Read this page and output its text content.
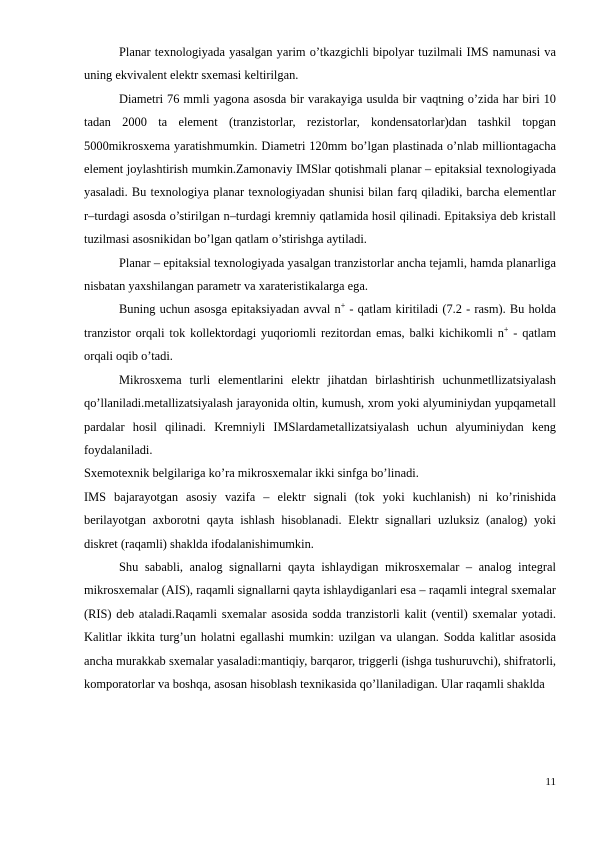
Planar texnologiyada yasalgan yarim o’tkazgichli bipolyar tuzilmali IMS namunasi va uning ekvivalent elektr sxemasi keltirilgan.

Diametri 76 mmli yagona asosda bir varakayiga usulda bir vaqtning o’zida har biri 10 tadan 2000 ta element (tranzistorlar, rezistorlar, kondensatorlar)dan tashkil topgan 5000mikrosxema yaratishmumkin. Diametri 120mm bo’lgan plastinada o’nlab milliontagacha element joylashtirish mumkin.Zamonaviy IMSlar qotishmali planar – epitaksial texnologiyada yasaladi. Bu texnologiya planar texnologiyadan shunisi bilan farq qiladiki, barcha elementlar r–turdagi asosda o’stirilgan n–turdagi kremniy qatlamida hosil qilinadi. Epitaksiya deb kristall tuzilmasi asosnikidan bo’lgan qatlam o’stirishga aytiladi.

Planar – epitaksial texnologiyada yasalgan tranzistorlar ancha tejamli, hamda planarliga nisbatan yaxshilangan parametr va xarateristikalarga ega.

Buning uchun asosga epitaksiyadan avval n+ - qatlam kiritiladi (7.2 - rasm). Bu holda tranzistor orqali tok kollektordagi yuqoriomli rezitordan emas, balki kichikomli n+ - qatlam orqali oqib o’tadi.

Mikrosxema turli elementlarini elektr jihatdan birlashtirish uchunmetllizatsiyalash qo’llaniladi.metallizatsiyalash jarayonida oltin, kumush, xrom yoki alyuminiydan yupqametall pardalar hosil qilinadi. Kremniyli IMSlardametallizatsiyalash uchun alyuminiydan keng foydalaniladi.

Sxemotexnik belgilariga ko’ra mikrosxemalar ikki sinfga bo’linadi.

IMS bajarayotgan asosiy vazifa – elektr signali (tok yoki kuchlanish) ni ko’rinishida berilayotgan axborotni qayta ishlash hisoblanadi. Elektr signallari uzluksiz (analog) yoki diskret (raqamli) shaklda ifodalanishimumkin.

Shu sababli, analog signallarni qayta ishlaydigan mikrosxemalar – analog integral mikrosxemalar (AIS), raqamli signallarni qayta ishlaydiganlari esa – raqamli integral sxemalar (RIS) deb ataladi.Raqamli sxemalar asosida sodda tranzistorli kalit (ventil) sxemalar yotadi. Kalitlar ikkita turg’un holatni egallashi mumkin: uzilgan va ulangan. Sodda kalitlar asosida ancha murakkab sxemalar yasaladi:mantiqiy, barqaror, triggerli (ishga tushuruvchi), shifratorli, komporatorlar va boshqa, asosan hisoblash texnikasida qo’llaniladigan. Ular raqamli shaklda

11
